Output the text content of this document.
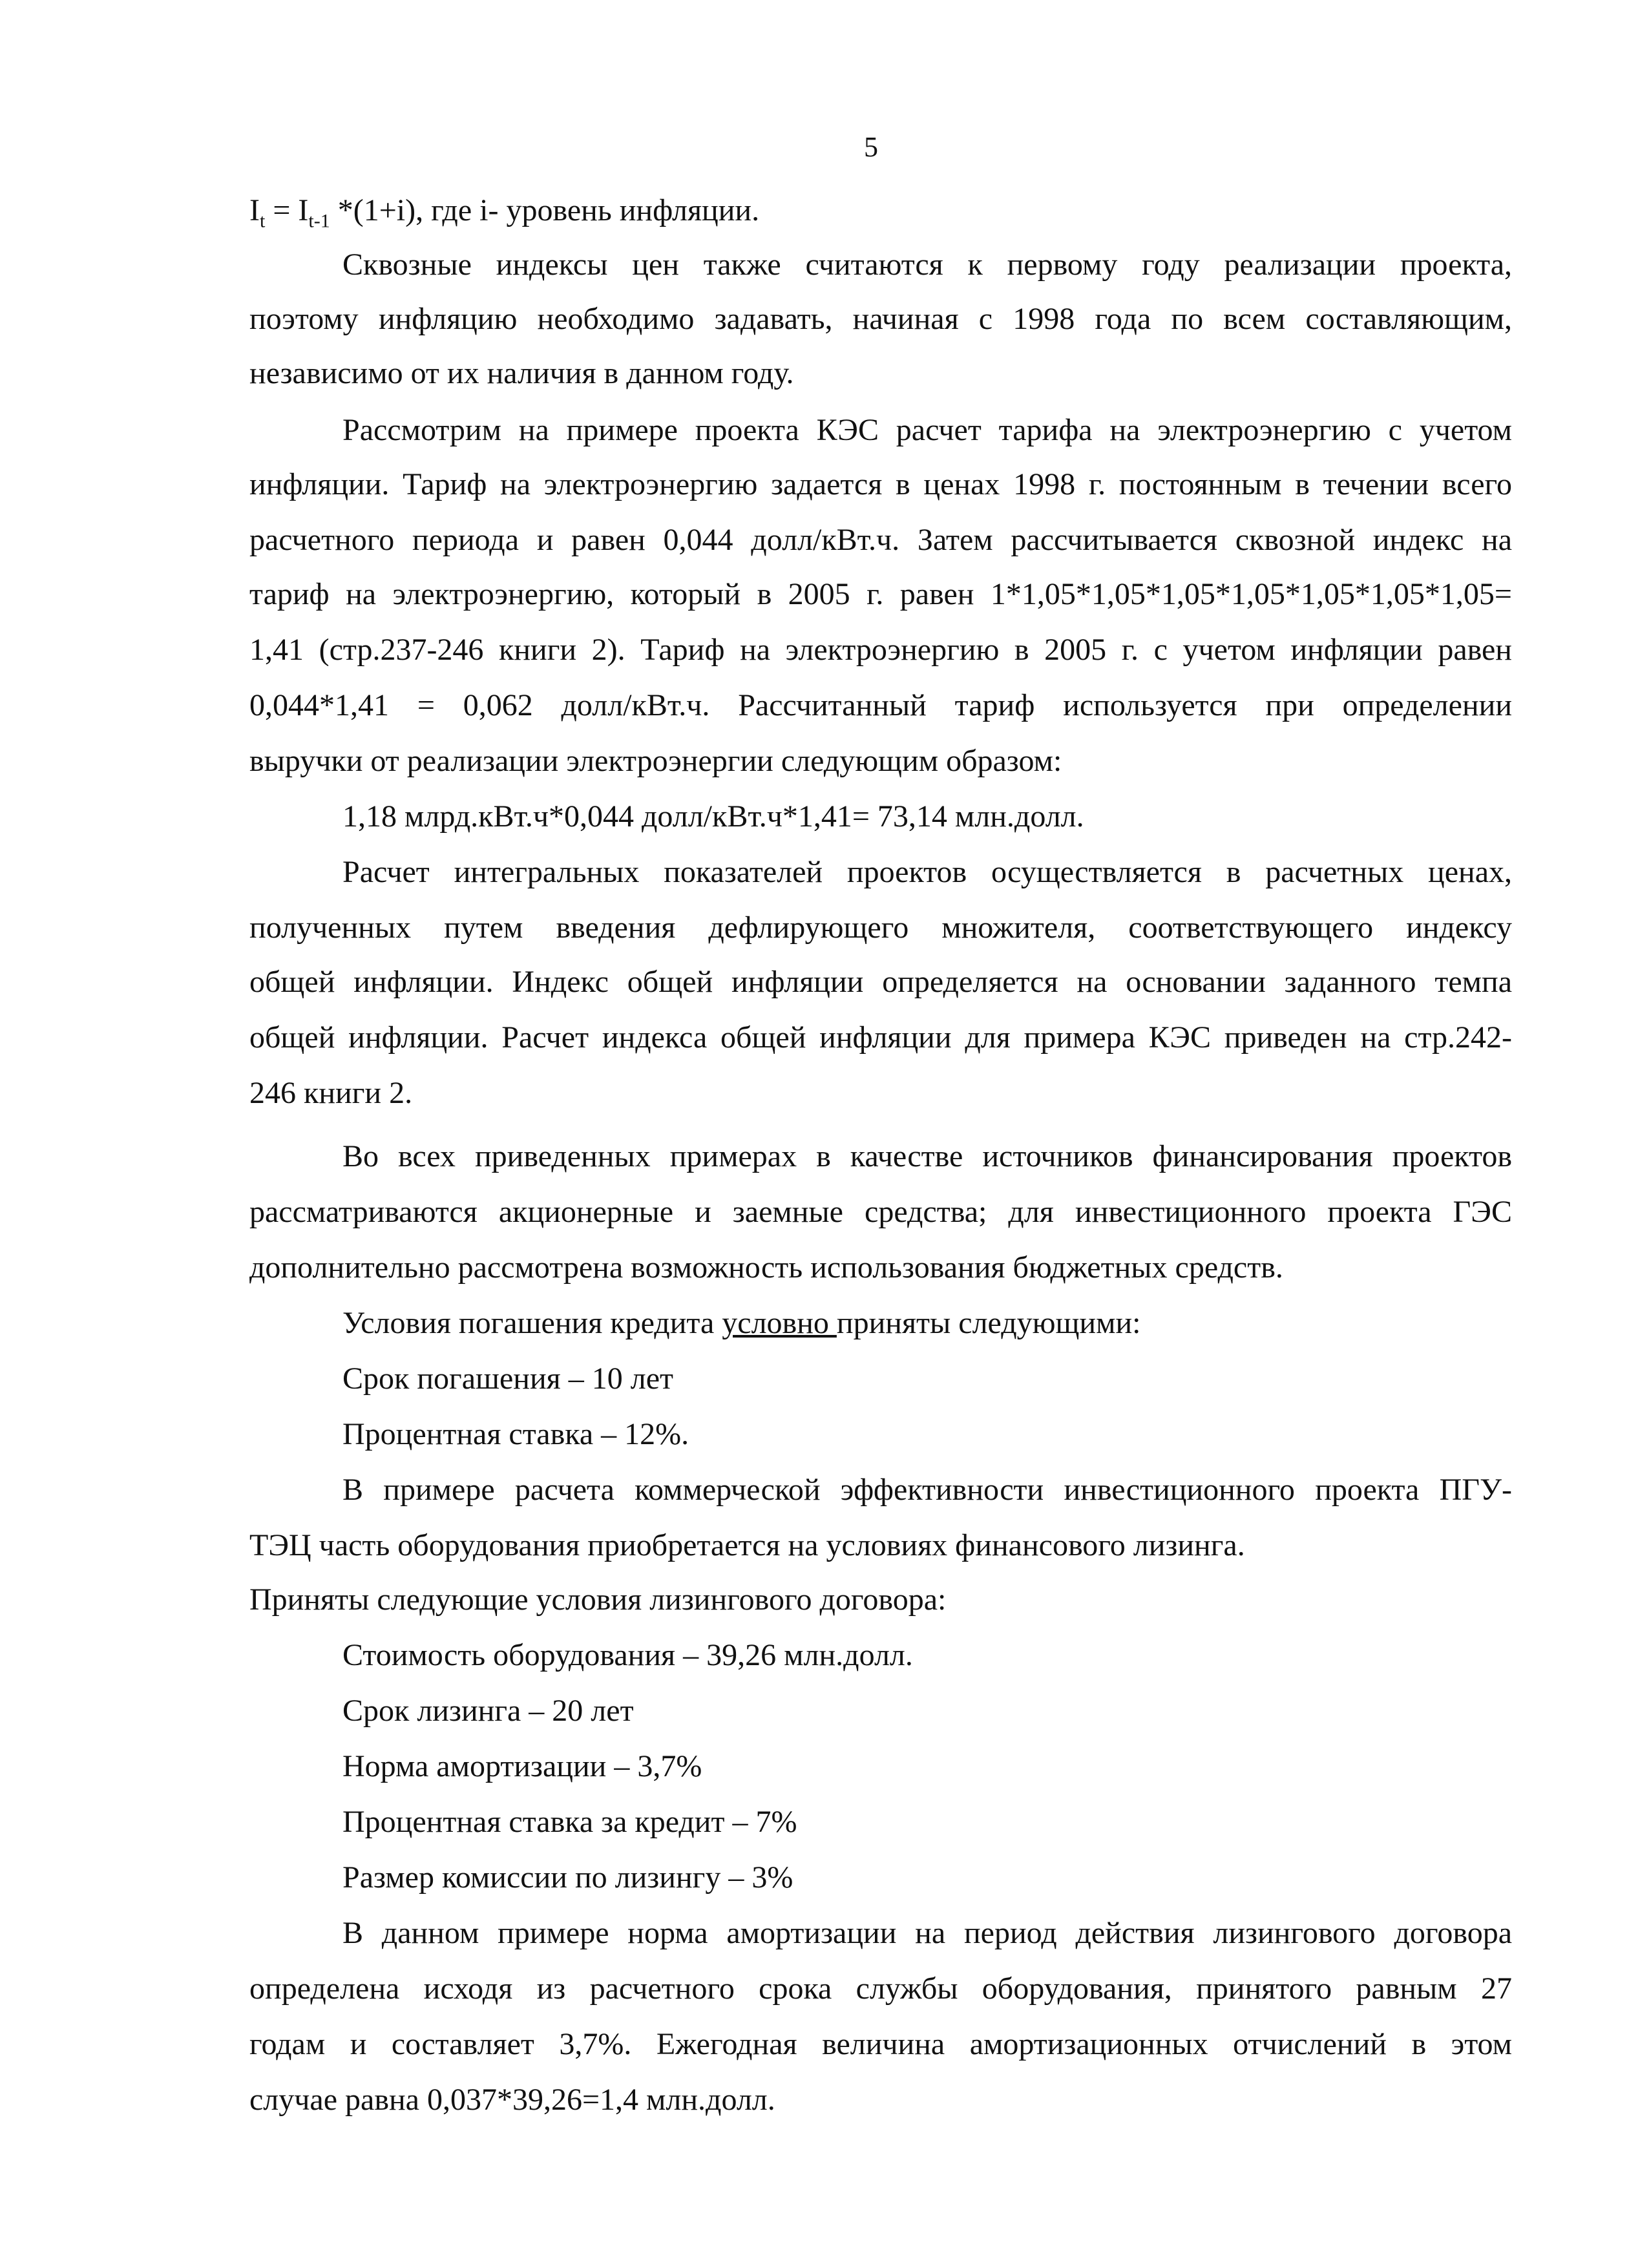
5
$I_t = I_{t-1}$ *(1+i), где i- уровень инфляции.
Сквозные индексы цен также считаются к первому году реализации проекта,
поэтому инфляцию необходимо задавать, начиная с 1998 года по всем составляющим,
независимо от их наличия в данном году.
Рассмотрим на примере проекта КЭС расчет тарифа на электроэнергию с учетом
инфляции. Тариф на электроэнергию задается в ценах 1998 г. постоянным в течении всего
расчетного периода и равен 0,044 долл/кВт.ч. Затем рассчитывается сквозной индекс на
тариф на электроэнергию, который в 2005 г. равен 1*1,05*1,05*1,05*1,05*1,05*1,05*1,05=
1,41 (стр.237-246 книги 2). Тариф на электроэнергию в 2005 г. с учетом инфляции равен
0,044*1,41 = 0,062 долл/кВт.ч. Рассчитанный тариф используется при определении
выручки от реализации электроэнергии следующим образом:
1,18 млрд.кВт.ч*0,044 долл/кВт.ч*1,41= 73,14 млн.долл.
Расчет интегральных показателей проектов осуществляется в расчетных ценах,
полученных путем введения дефлирующего множителя, соответствующего индексу
общей инфляции. Индекс общей инфляции определяется на основании заданного темпа
общей инфляции. Расчет индекса общей инфляции для примера КЭС приведен на стр.242-
246 книги 2.
Во всех приведенных примерах в качестве источников финансирования проектов
рассматриваются акционерные и заемные средства; для инвестиционного проекта ГЭС
дополнительно рассмотрена возможность использования бюджетных средств.
Условия погашения кредита условно приняты следующими:
Срок погашения – 10 лет
Процентная ставка – 12%.
В примере расчета коммерческой эффективности инвестиционного проекта ПГУ-
ТЭЦ часть оборудования приобретается на условиях финансового лизинга.
Приняты следующие условия лизингового договора:
Стоимость оборудования – 39,26 млн.долл.
Срок лизинга – 20 лет
Норма амортизации – 3,7%
Процентная ставка за кредит – 7%
Размер комиссии по лизингу – 3%
В данном примере норма амортизации на период действия лизингового договора
определена исходя из расчетного срока службы оборудования, принятого равным 27
годам и составляет 3,7%. Ежегодная величина амортизационных отчислений в этом
случае равна 0,037*39,26=1,4 млн.долл.
